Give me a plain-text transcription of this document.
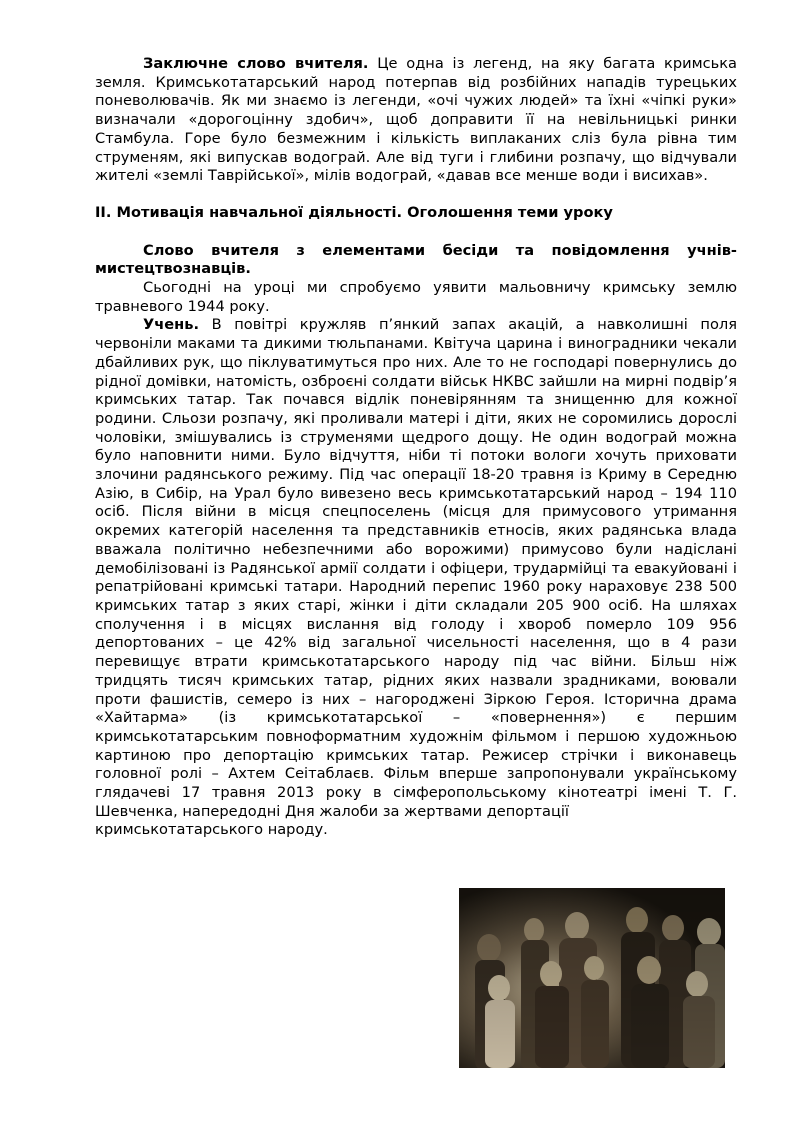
Заключне слово вчителя. Це одна із легенд, на яку багата кримська земля. Кримськотатарський народ потерпав від розбійних нападів турецьких поневолювачів. Як ми знаємо із легенди, «очі чужих людей» та їхні «чіпкі руки» визначали «дорогоцінну здобич», щоб доправити її на невільницькі ринки Стамбула. Горе було безмежним і кількість виплаканих сліз була рівна тим струменям, які випускав водограй. Але від туги і глибини розпачу, що відчували жителі «землі Таврійської», мілів водограй, «давав все менше води і висихав».

ІІ. Мотивація навчальної діяльності. Оголошення теми уроку

Слово вчителя з елементами бесіди та повідомлення учнів-мистецтвознавців.

Сьогодні на уроці ми спробуємо уявити мальовничу кримську землю травневого 1944 року.

Учень. В повітрі кружляв п’янкий запах акацій, а навколишні поля червоніли маками та дикими тюльпанами. Квітуча царина і виноградники чекали дбайливих рук, що піклуватимуться про них. Але то не господарі повернулись до рідної домівки, натомість, озброєні солдати військ НКВС зайшли на мирні подвір’я кримських татар. Так почався відлік поневірянням та знищенню для кожної родини. Сльози розпачу, які проливали матері і діти, яких не соромились дорослі чоловіки, змішувались із струменями щедрого дощу. Не один водограй можна було наповнити ними. Було відчуття, ніби ті потоки вологи хочуть приховати злочини радянського режиму. Під час операції 18-20 травня із Криму в Середню Азію, в Сибір, на Урал було вивезено весь кримськотатарський народ – 194 110 осіб. Після війни в місця спецпоселень (місця для примусового утримання окремих категорій населення та представників етносів, яких радянська влада вважала політично небезпечними або ворожими) примусово були надіслані демобілізовані із Радянської армії солдати і офіцери, трудармійці та евакуйовані і репатрійовані кримські татари. Народний перепис 1960 року нараховує 238 500 кримських татар з яких старі, жінки і діти складали 205 900 осіб. На шляхах сполучення і в місцях вислання від голоду і хвороб померло 109 956 депортованих – це 42% від загальної чисельності населення, що в 4 рази перевищує втрати кримськотатарського народу під час війни. Більш ніж тридцять тисяч кримських татар, рідних яких назвали зрадниками, воювали проти фашистів, семеро із них – нагороджені Зіркою Героя. Історична драма «Хайтарма» (із кримськотатарської – «повернення») є першим кримськотатарським повноформатним художнім фільмом і першою художньою картиною про депортацію кримських татар. Режисер стрічки і виконавець головної ролі – Ахтем Сеітаблаєв. Фільм вперше запропонували українському глядачеві 17 травня 2013 року в сімферопольському кінотеатрі імені Т. Г. Шевченка, напередодні Дня жалоби за жертвами депортації

кримськотатарського народу.
